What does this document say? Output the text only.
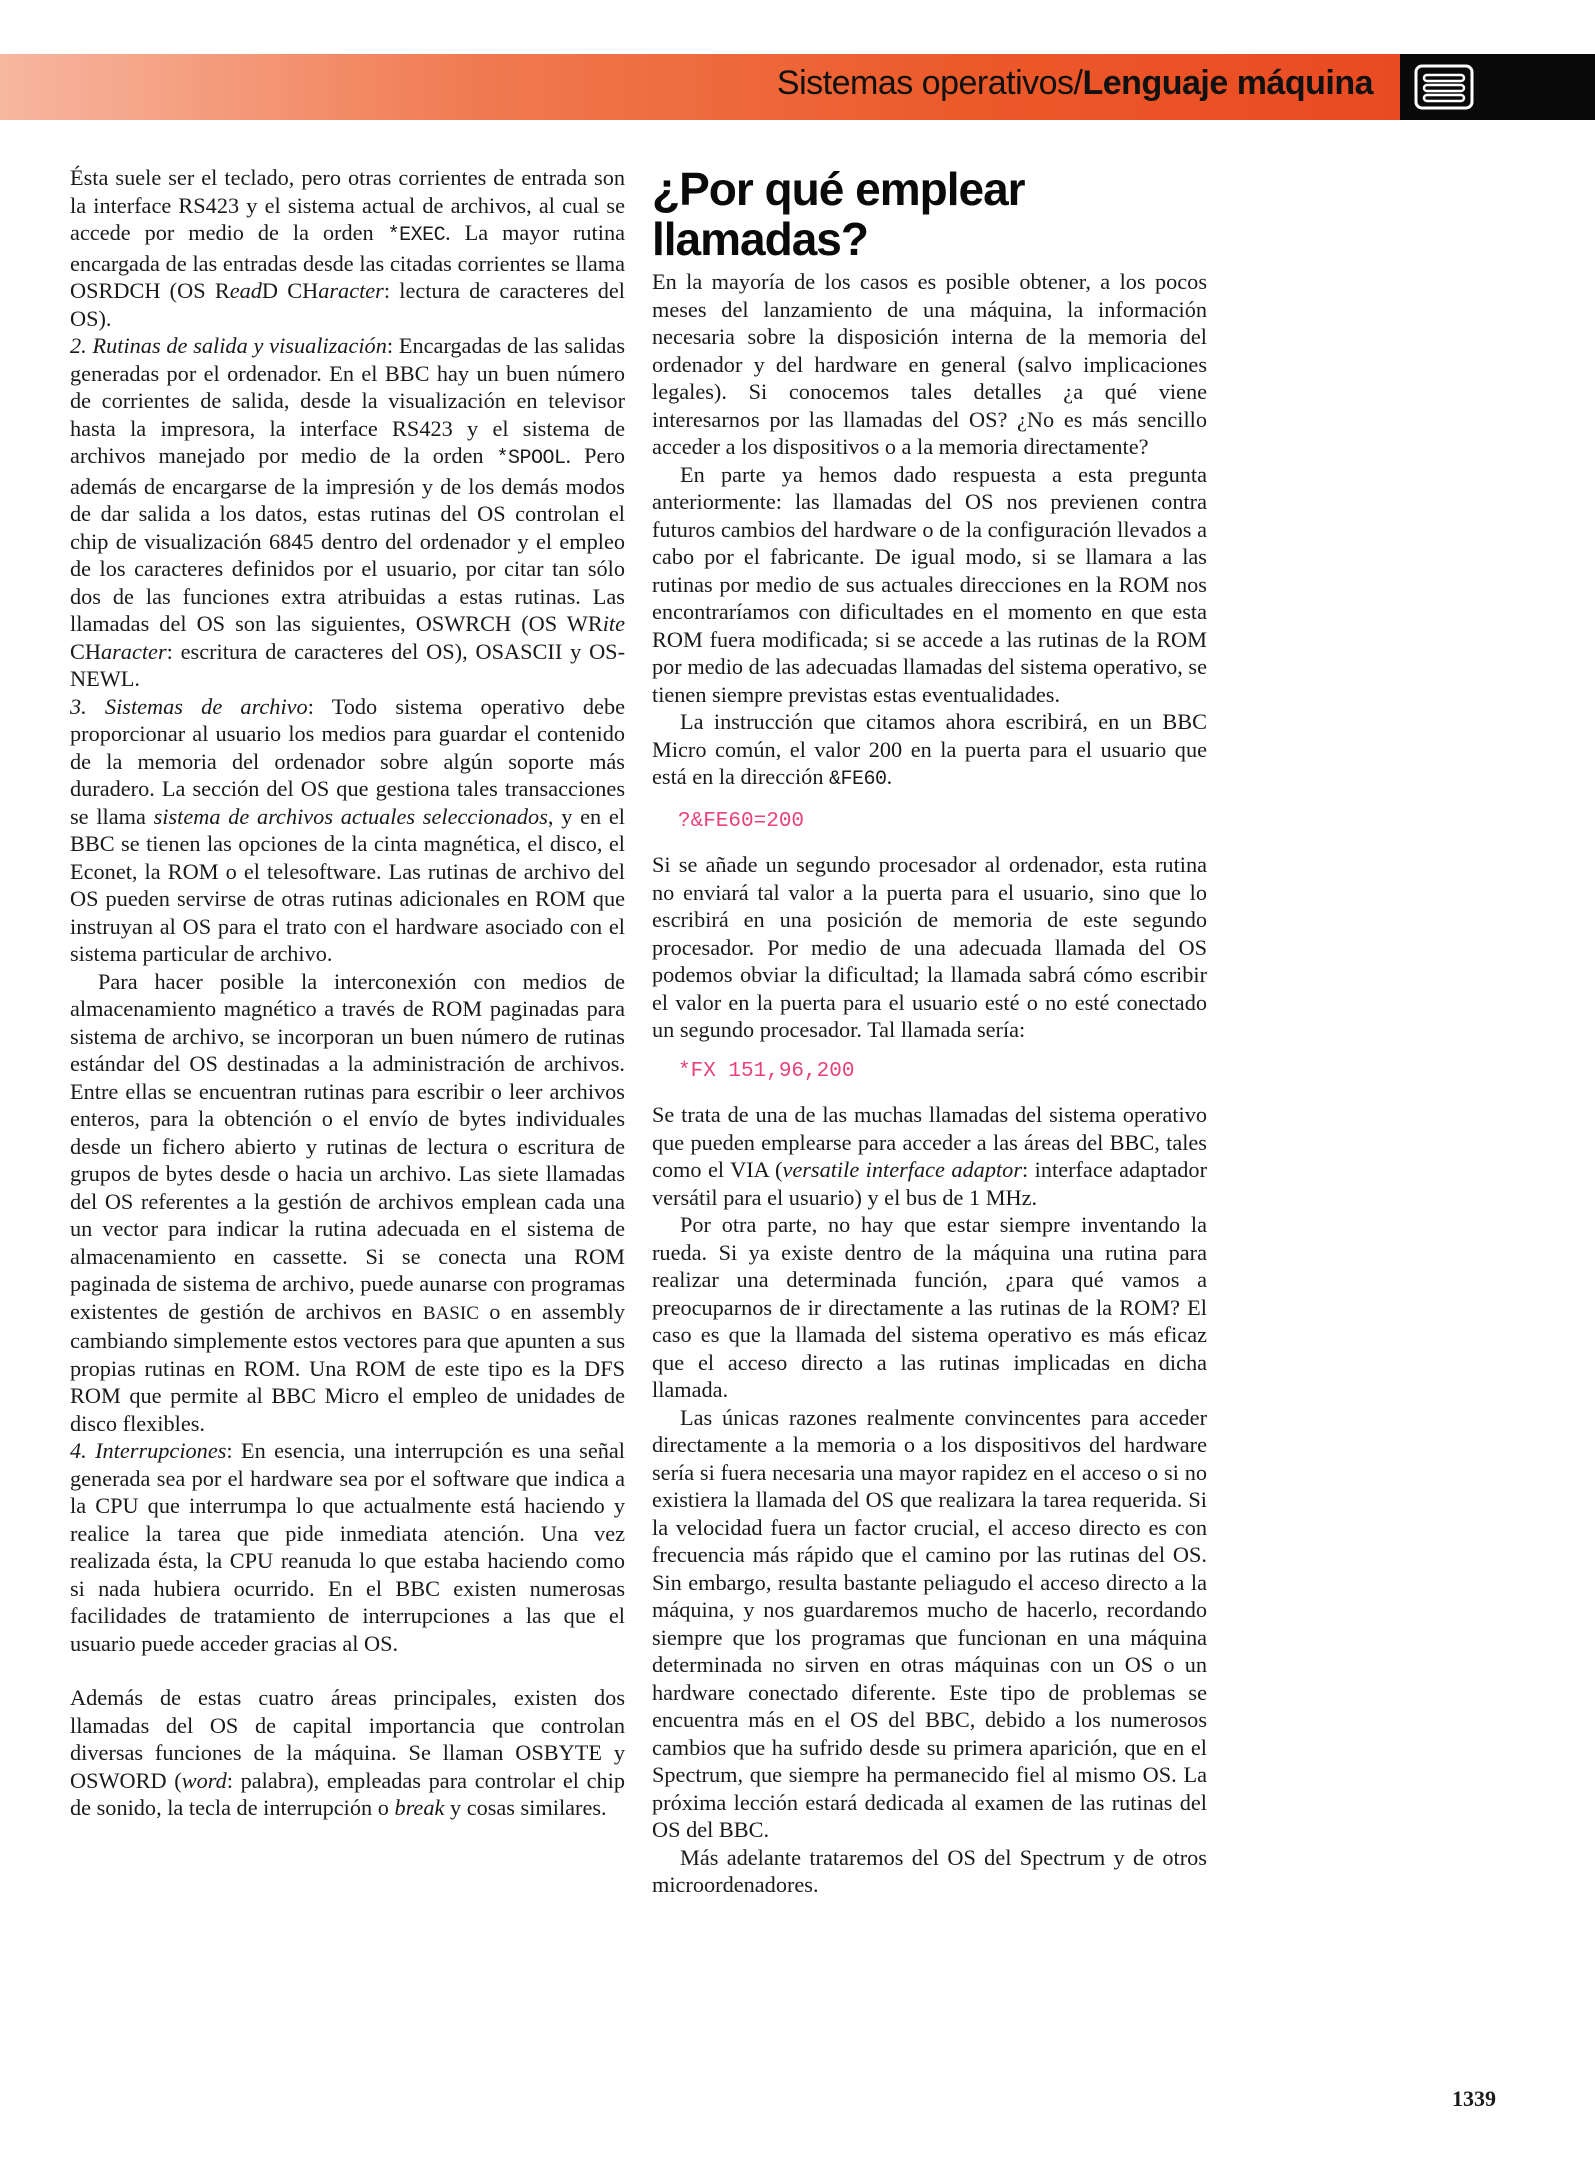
Sistemas operativos/Lenguaje máquina

Ésta suele ser el teclado, pero otras corrientes de entrada son la interface RS423 y el sistema actual de archivos, al cual se accede por medio de la orden *EXEC. La mayor rutina encargada de las entradas desde las citadas corrientes se llama OSRDCH (OS ReadD CHaracter: lectura de caracteres del OS).

2. Rutinas de salida y visualización: Encargadas de las salidas generadas por el ordenador. En el BBC hay un buen número de corrientes de salida, desde la visualización en televisor hasta la impresora, la interface RS423 y el sistema de archivos manejado por medio de la orden *SPOOL. Pero además de encargarse de la impresión y de los demás modos de dar salida a los datos, estas rutinas del OS controlan el chip de visualización 6845 dentro del ordenador y el empleo de los caracteres definidos por el usuario, por citar tan sólo dos de las funciones extra atribuidas a estas rutinas. Las llamadas del OS son las siguientes, OSWRCH (OS WRite CHaracter: escritura de caracteres del OS), OSASCII y OS-NEWL.

3. Sistemas de archivo: Todo sistema operativo debe proporcionar al usuario los medios para guardar el contenido de la memoria del ordenador sobre algún soporte más duradero. La sección del OS que gestiona tales transacciones se llama sistema de archivos actuales seleccionados, y en el BBC se tienen las opciones de la cinta magnética, el disco, el Econet, la ROM o el telesoftware. Las rutinas de archivo del OS pueden servirse de otras rutinas adicionales en ROM que instruyan al OS para el trato con el hardware asociado con el sistema particular de archivo.

Para hacer posible la interconexión con medios de almacenamiento magnético a través de ROM paginadas para sistema de archivo, se incorporan un buen número de rutinas estándar del OS destinadas a la administración de archivos. Entre ellas se encuentran rutinas para escribir o leer archivos enteros, para la obtención o el envío de bytes individuales desde un fichero abierto y rutinas de lectura o escritura de grupos de bytes desde o hacia un archivo. Las siete llamadas del OS referentes a la gestión de archivos emplean cada una un vector para indicar la rutina adecuada en el sistema de almacenamiento en cassette. Si se conecta una ROM paginada de sistema de archivo, puede aunarse con programas existentes de gestión de archivos en BASIC o en assembly cambiando simplemente estos vectores para que apunten a sus propias rutinas en ROM. Una ROM de este tipo es la DFS ROM que permite al BBC Micro el empleo de unidades de disco flexibles.

4. Interrupciones: En esencia, una interrupción es una señal generada sea por el hardware sea por el software que indica a la CPU que interrumpa lo que actualmente está haciendo y realice la tarea que pide inmediata atención. Una vez realizada ésta, la CPU reanuda lo que estaba haciendo como si nada hubiera ocurrido. En el BBC existen numerosas facilidades de tratamiento de interrupciones a las que el usuario puede acceder gracias al OS.

Además de estas cuatro áreas principales, existen dos llamadas del OS de capital importancia que controlan diversas funciones de la máquina. Se llaman OSBYTE y OSWORD (word: palabra), empleadas para controlar el chip de sonido, la tecla de interrupción o break y cosas similares.

¿Por qué emplear llamadas?

En la mayoría de los casos es posible obtener, a los pocos meses del lanzamiento de una máquina, la información necesaria sobre la disposición interna de la memoria del ordenador y del hardware en general (salvo implicaciones legales). Si conocemos tales detalles ¿a qué viene interesarnos por las llamadas del OS? ¿No es más sencillo acceder a los dispositivos o a la memoria directamente?

En parte ya hemos dado respuesta a esta pregunta anteriormente: las llamadas del OS nos previenen contra futuros cambios del hardware o de la configuración llevados a cabo por el fabricante. De igual modo, si se llamara a las rutinas por medio de sus actuales direcciones en la ROM nos encontraríamos con dificultades en el momento en que esta ROM fuera modificada; si se accede a las rutinas de la ROM por medio de las adecuadas llamadas del sistema operativo, se tienen siempre previstas estas eventualidades.

La instrucción que citamos ahora escribirá, en un BBC Micro común, el valor 200 en la puerta para el usuario que está en la dirección &FE60.

?&FE60=200

Si se añade un segundo procesador al ordenador, esta rutina no enviará tal valor a la puerta para el usuario, sino que lo escribirá en una posición de memoria de este segundo procesador. Por medio de una adecuada llamada del OS podemos obviar la dificultad; la llamada sabrá cómo escribir el valor en la puerta para el usuario esté o no esté conectado un segundo procesador. Tal llamada sería:

*FX 151,96,200

Se trata de una de las muchas llamadas del sistema operativo que pueden emplearse para acceder a las áreas del BBC, tales como el VIA (versatile interface adaptor: interface adaptador versátil para el usuario) y el bus de 1 MHz.

Por otra parte, no hay que estar siempre inventando la rueda. Si ya existe dentro de la máquina una rutina para realizar una determinada función, ¿para qué vamos a preocuparnos de ir directamente a las rutinas de la ROM? El caso es que la llamada del sistema operativo es más eficaz que el acceso directo a las rutinas implicadas en dicha llamada.

Las únicas razones realmente convincentes para acceder directamente a la memoria o a los dispositivos del hardware sería si fuera necesaria una mayor rapidez en el acceso o si no existiera la llamada del OS que realizara la tarea requerida. Si la velocidad fuera un factor crucial, el acceso directo es con frecuencia más rápido que el camino por las rutinas del OS. Sin embargo, resulta bastante peliagudo el acceso directo a la máquina, y nos guardaremos mucho de hacerlo, recordando siempre que los programas que funcionan en una máquina determinada no sirven en otras máquinas con un OS o un hardware conectado diferente. Este tipo de problemas se encuentra más en el OS del BBC, debido a los numerosos cambios que ha sufrido desde su primera aparición, que en el Spectrum, que siempre ha permanecido fiel al mismo OS. La próxima lección estará dedicada al examen de las rutinas del OS del BBC.

Más adelante trataremos del OS del Spectrum y de otros microordenadores.

1339
